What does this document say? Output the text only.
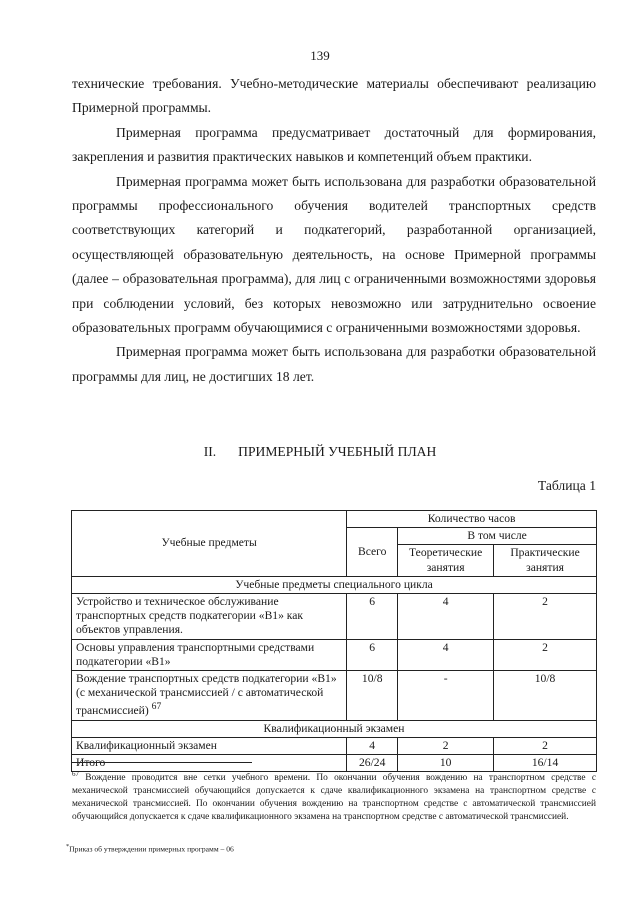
139

технические требования. Учебно-методические материалы обеспечивают реализацию Примерной программы.

Примерная программа предусматривает достаточный для формирования, закрепления и развития практических навыков и компетенций объем практики.

Примерная программа может быть использована для разработки образовательной программы профессионального обучения водителей транспортных средств соответствующих категорий и подкатегорий, разработанной организацией, осуществляющей образовательную деятельность, на основе Примерной программы (далее – образовательная программа), для лиц с ограниченными возможностями здоровья при соблюдении условий, без которых невозможно или затруднительно освоение образовательных программ обучающимися с ограниченными возможностями здоровья.

Примерная программа может быть использована для разработки образовательной программы для лиц, не достигших 18 лет.

II. ПРИМЕРНЫЙ УЧЕБНЫЙ ПЛАН
Таблица 1
Учебные предметы	Количество часов		
	Всего	В том числе	
		Теоретические занятия	Практические занятия
Учебные предметы специального цикла			
Устройство и техническое обслуживание транспортных средств подкатегории «B1» как объектов управления.	6	4	2
Основы управления транспортными средствами подкатегории «B1»	6	4	2
Вождение транспортных средств подкатегории «B1» (с механической трансмиссией / с автоматической трансмиссией) $^{67}$	10/8	-	10/8
Квалификационный экзамен			
Квалификационный экзамен	4	2	2
Итого	26/24	10	16/14
$^{67}$ Вождение проводится вне сетки учебного времени. По окончании обучения вождению на транспортном средстве с механической трансмиссией обучающийся допускается к сдаче квалификационного экзамена на транспортном средстве с механической трансмиссией. По окончании обучения вождению на транспортном средстве с автоматической трансмиссией обучающийся допускается к сдаче квалификационного экзамена на транспортном средстве с автоматической трансмиссией.
*Приказ об утверждении примерных программ – 06
